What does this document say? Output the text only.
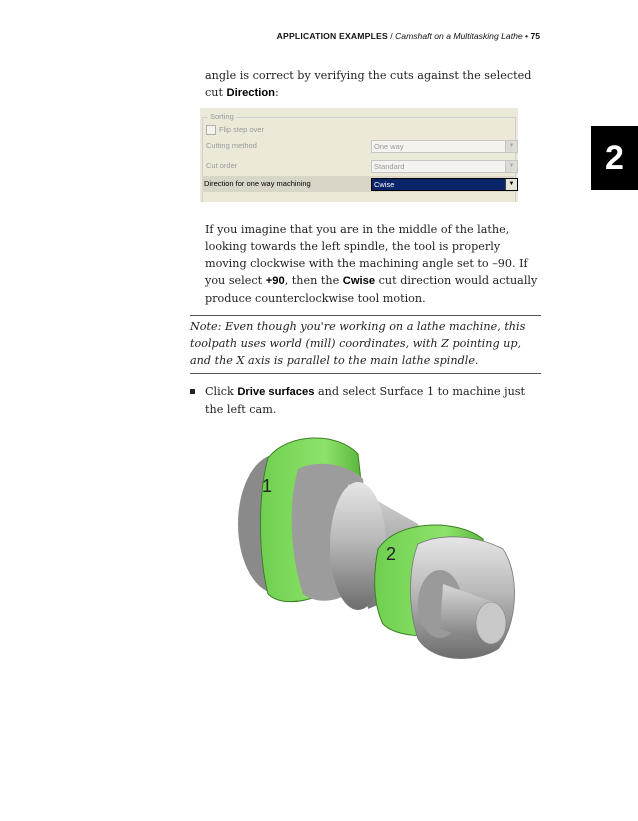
APPLICATION EXAMPLES / Camshaft on a Multitasking Lathe • 75
2
angle is correct by verifying the cuts against the selected cut Direction:
Sorting
Flip step over
Cutting method	One way	▼
Cut order	Standard	▼
Direction for one way machining	Cwise	▼
If you imagine that you are in the middle of the lathe, looking towards the left spindle, the tool is properly moving clockwise with the machining angle set to –90. If you select +90, then the Cwise cut direction would actually produce counterclockwise tool motion.
Note: Even though you're working on a lathe machine, this toolpath uses world (mill) coordinates, with Z pointing up, and the X axis is parallel to the main lathe spindle.
Click Drive surfaces and select Surface 1 to machine just the left cam.
1
2
